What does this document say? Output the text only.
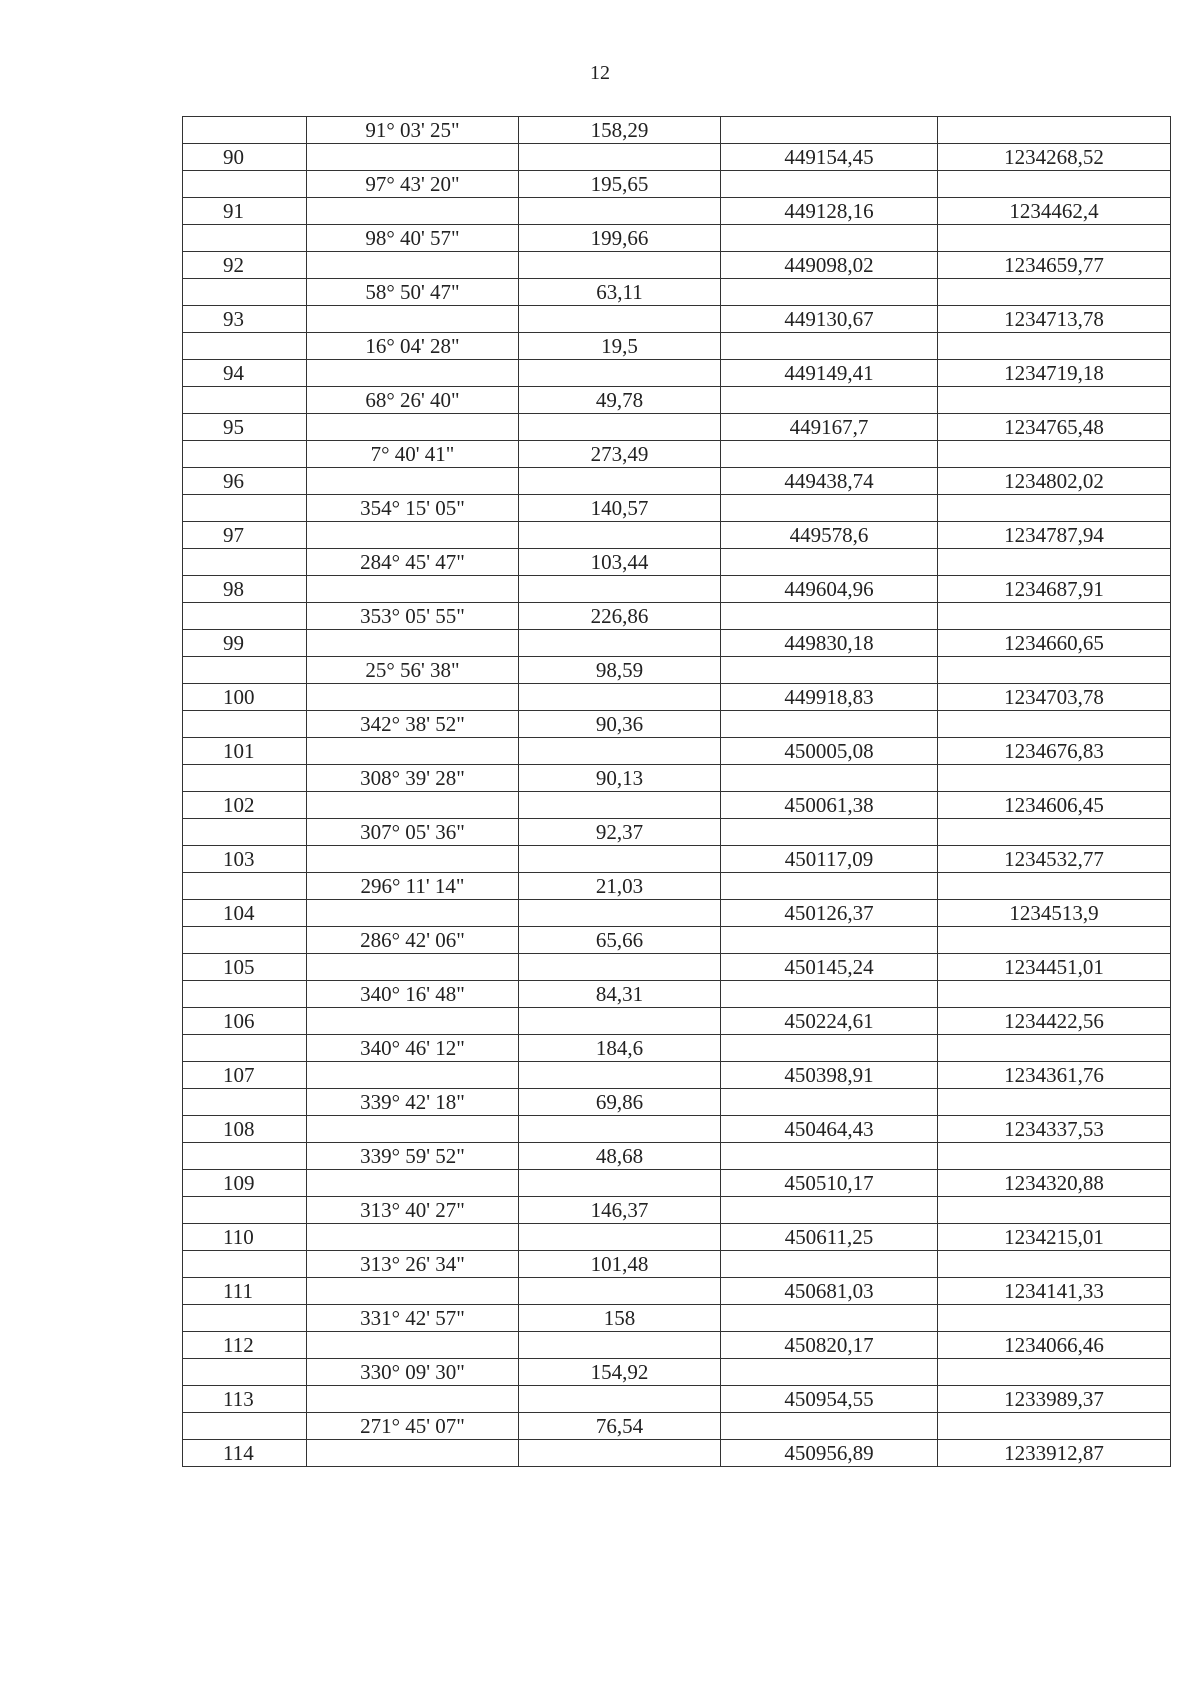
12
	91° 03' 25"	158,29		
90			449154,45	1234268,52
	97° 43' 20"	195,65		
91			449128,16	1234462,4
	98° 40' 57"	199,66		
92			449098,02	1234659,77
	58° 50' 47"	63,11		
93			449130,67	1234713,78
	16° 04' 28"	19,5		
94			449149,41	1234719,18
	68° 26' 40"	49,78		
95			449167,7	1234765,48
	7° 40' 41"	273,49		
96			449438,74	1234802,02
	354° 15' 05"	140,57		
97			449578,6	1234787,94
	284° 45' 47"	103,44		
98			449604,96	1234687,91
	353° 05' 55"	226,86		
99			449830,18	1234660,65
	25° 56' 38"	98,59		
100			449918,83	1234703,78
	342° 38' 52"	90,36		
101			450005,08	1234676,83
	308° 39' 28"	90,13		
102			450061,38	1234606,45
	307° 05' 36"	92,37		
103			450117,09	1234532,77
	296° 11' 14"	21,03		
104			450126,37	1234513,9
	286° 42' 06"	65,66		
105			450145,24	1234451,01
	340° 16' 48"	84,31		
106			450224,61	1234422,56
	340° 46' 12"	184,6		
107			450398,91	1234361,76
	339° 42' 18"	69,86		
108			450464,43	1234337,53
	339° 59' 52"	48,68		
109			450510,17	1234320,88
	313° 40' 27"	146,37		
110			450611,25	1234215,01
	313° 26' 34"	101,48		
111			450681,03	1234141,33
	331° 42' 57"	158		
112			450820,17	1234066,46
	330° 09' 30"	154,92		
113			450954,55	1233989,37
	271° 45' 07"	76,54		
114			450956,89	1233912,87
